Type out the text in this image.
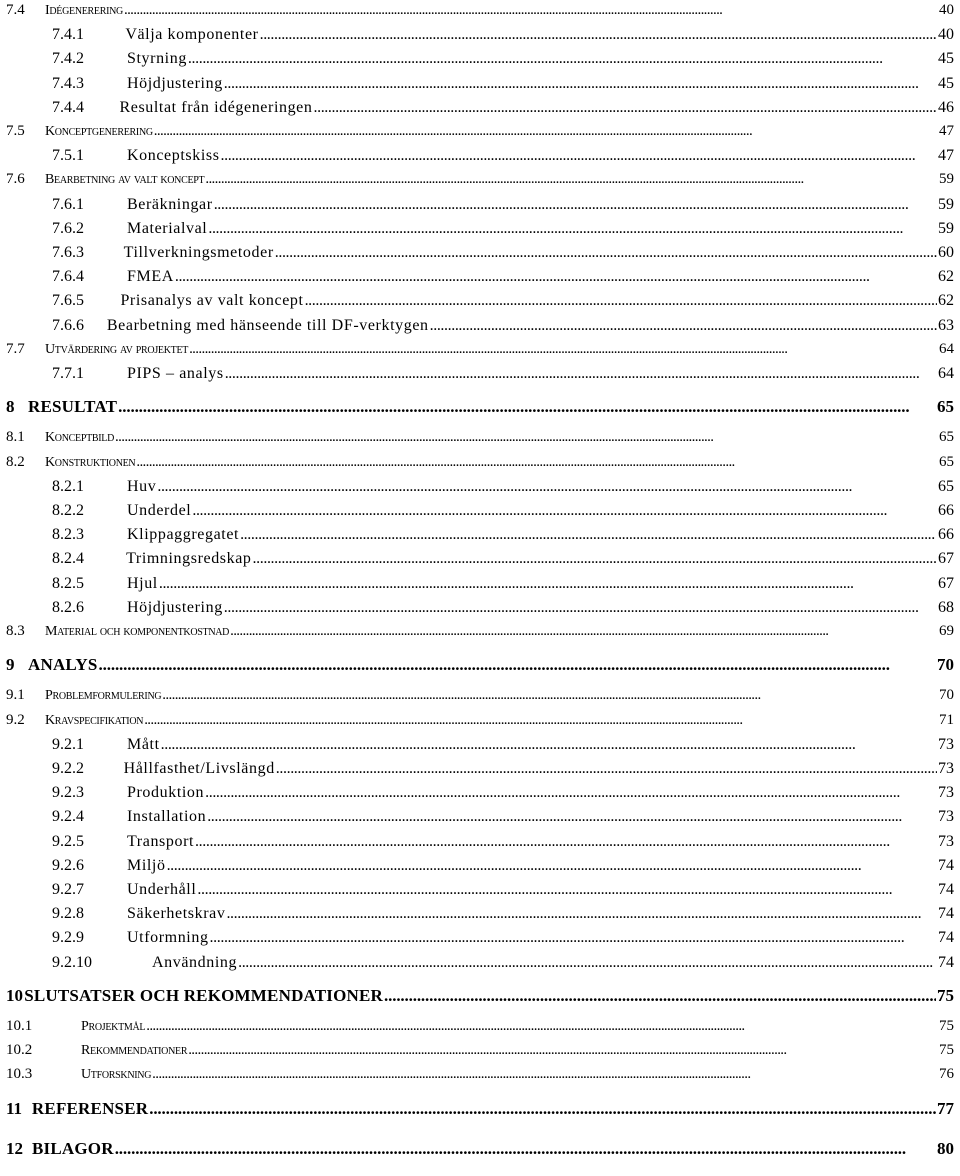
7.4	Idégenerering . . .	40
7.4.1	Välja komponenter . . .	40
7.4.2	Styrning . . .	45
7.4.3	Höjdjustering . . .	45
7.4.4	Resultat från idégeneringen . . .	46
7.5	Konceptgenerering . . .	47
7.5.1	Konceptskiss . . .	47
7.6	Bearbetning av valt koncept . . .	59
7.6.1	Beräkningar . . .	59
7.6.2	Materialval . . .	59
7.6.3	Tillverkningsmetoder . . .	60
7.6.4	FMEA . . .	62
7.6.5	Prisanalys av valt koncept . . .	62
7.6.6	Bearbetning med hänseende till DF-verktygen . . .	63
7.7	Utvärdering av projektet . . .	64
7.7.1	PIPS – analys . . .	64
8 RESULTAT . . .	65
8.1	Konceptbild . . .	65
8.2	Konstruktionen . . .	65
8.2.1	Huv . . .	65
8.2.2	Underdel . . .	66
8.2.3	Klippaggregatet . . .	66
8.2.4	Trimningsredskap . . .	67
8.2.5	Hjul . . .	67
8.2.6	Höjdjustering . . .	68
8.3	Material och komponentkostnad . . .	69
9 ANALYS . . .	70
9.1	Problemformulering . . .	70
9.2	Kravspecifikation . . .	71
9.2.1	Mått . . .	73
9.2.2	Hållfasthet/Livslängd . . .	73
9.2.3	Produktion . . .	73
9.2.4	Installation . . .	73
9.2.5	Transport . . .	73
9.2.6	Miljö . . .	74
9.2.7	Underhåll . . .	74
9.2.8	Säkerhetskrav . . .	74
9.2.9	Utformning . . .	74
9.2.10	Användning . . .	74
10 SLUTSATSER OCH REKOMMENDATIONER . . .	75
10.1	Projektmål . . .	75
10.2	Rekommendationer . . .	75
10.3	Utforskning . . .	76
11 REFERENSER . . .	77
12 BILAGOR . . .	80
